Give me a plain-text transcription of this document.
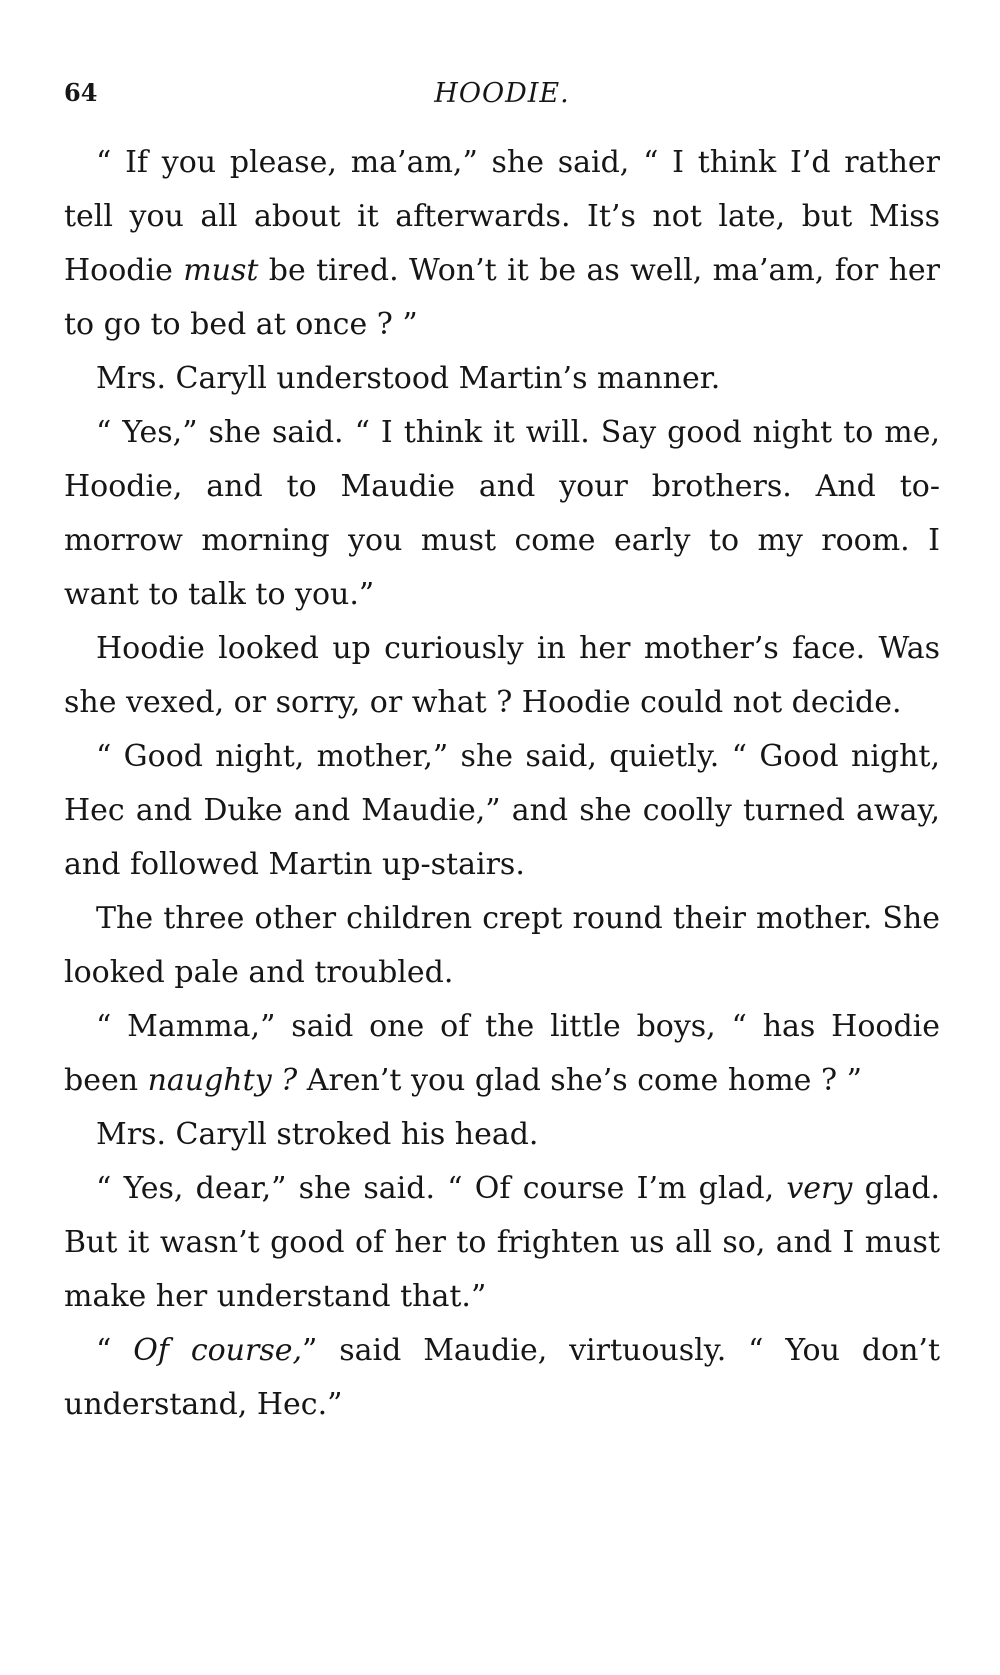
64	HOODIE.

“ If you please, ma’am,” she said, “ I think I’d rather tell you all about it afterwards. It’s not late, but Miss Hoodie must be tired. Won’t it be as well, ma’am, for her to go to bed at once ? ”

Mrs. Caryll understood Martin’s manner.

“ Yes,” she said. “ I think it will. Say good night to me, Hoodie, and to Maudie and your brothers. And to-morrow morning you must come early to my room. I want to talk to you.”

Hoodie looked up curiously in her mother’s face. Was she vexed, or sorry, or what ? Hoodie could not decide.

“ Good night, mother,” she said, quietly. “ Good night, Hec and Duke and Maudie,” and she coolly turned away, and followed Martin up-stairs.

The three other children crept round their mother. She looked pale and troubled.

“ Mamma,” said one of the little boys, “ has Hoodie been naughty ? Aren’t you glad she’s come home ? ”

Mrs. Caryll stroked his head.

“ Yes, dear,” she said. “ Of course I’m glad, very glad. But it wasn’t good of her to frighten us all so, and I must make her understand that.”

“ Of course,” said Maudie, virtuously. “ You don’t understand, Hec.”
